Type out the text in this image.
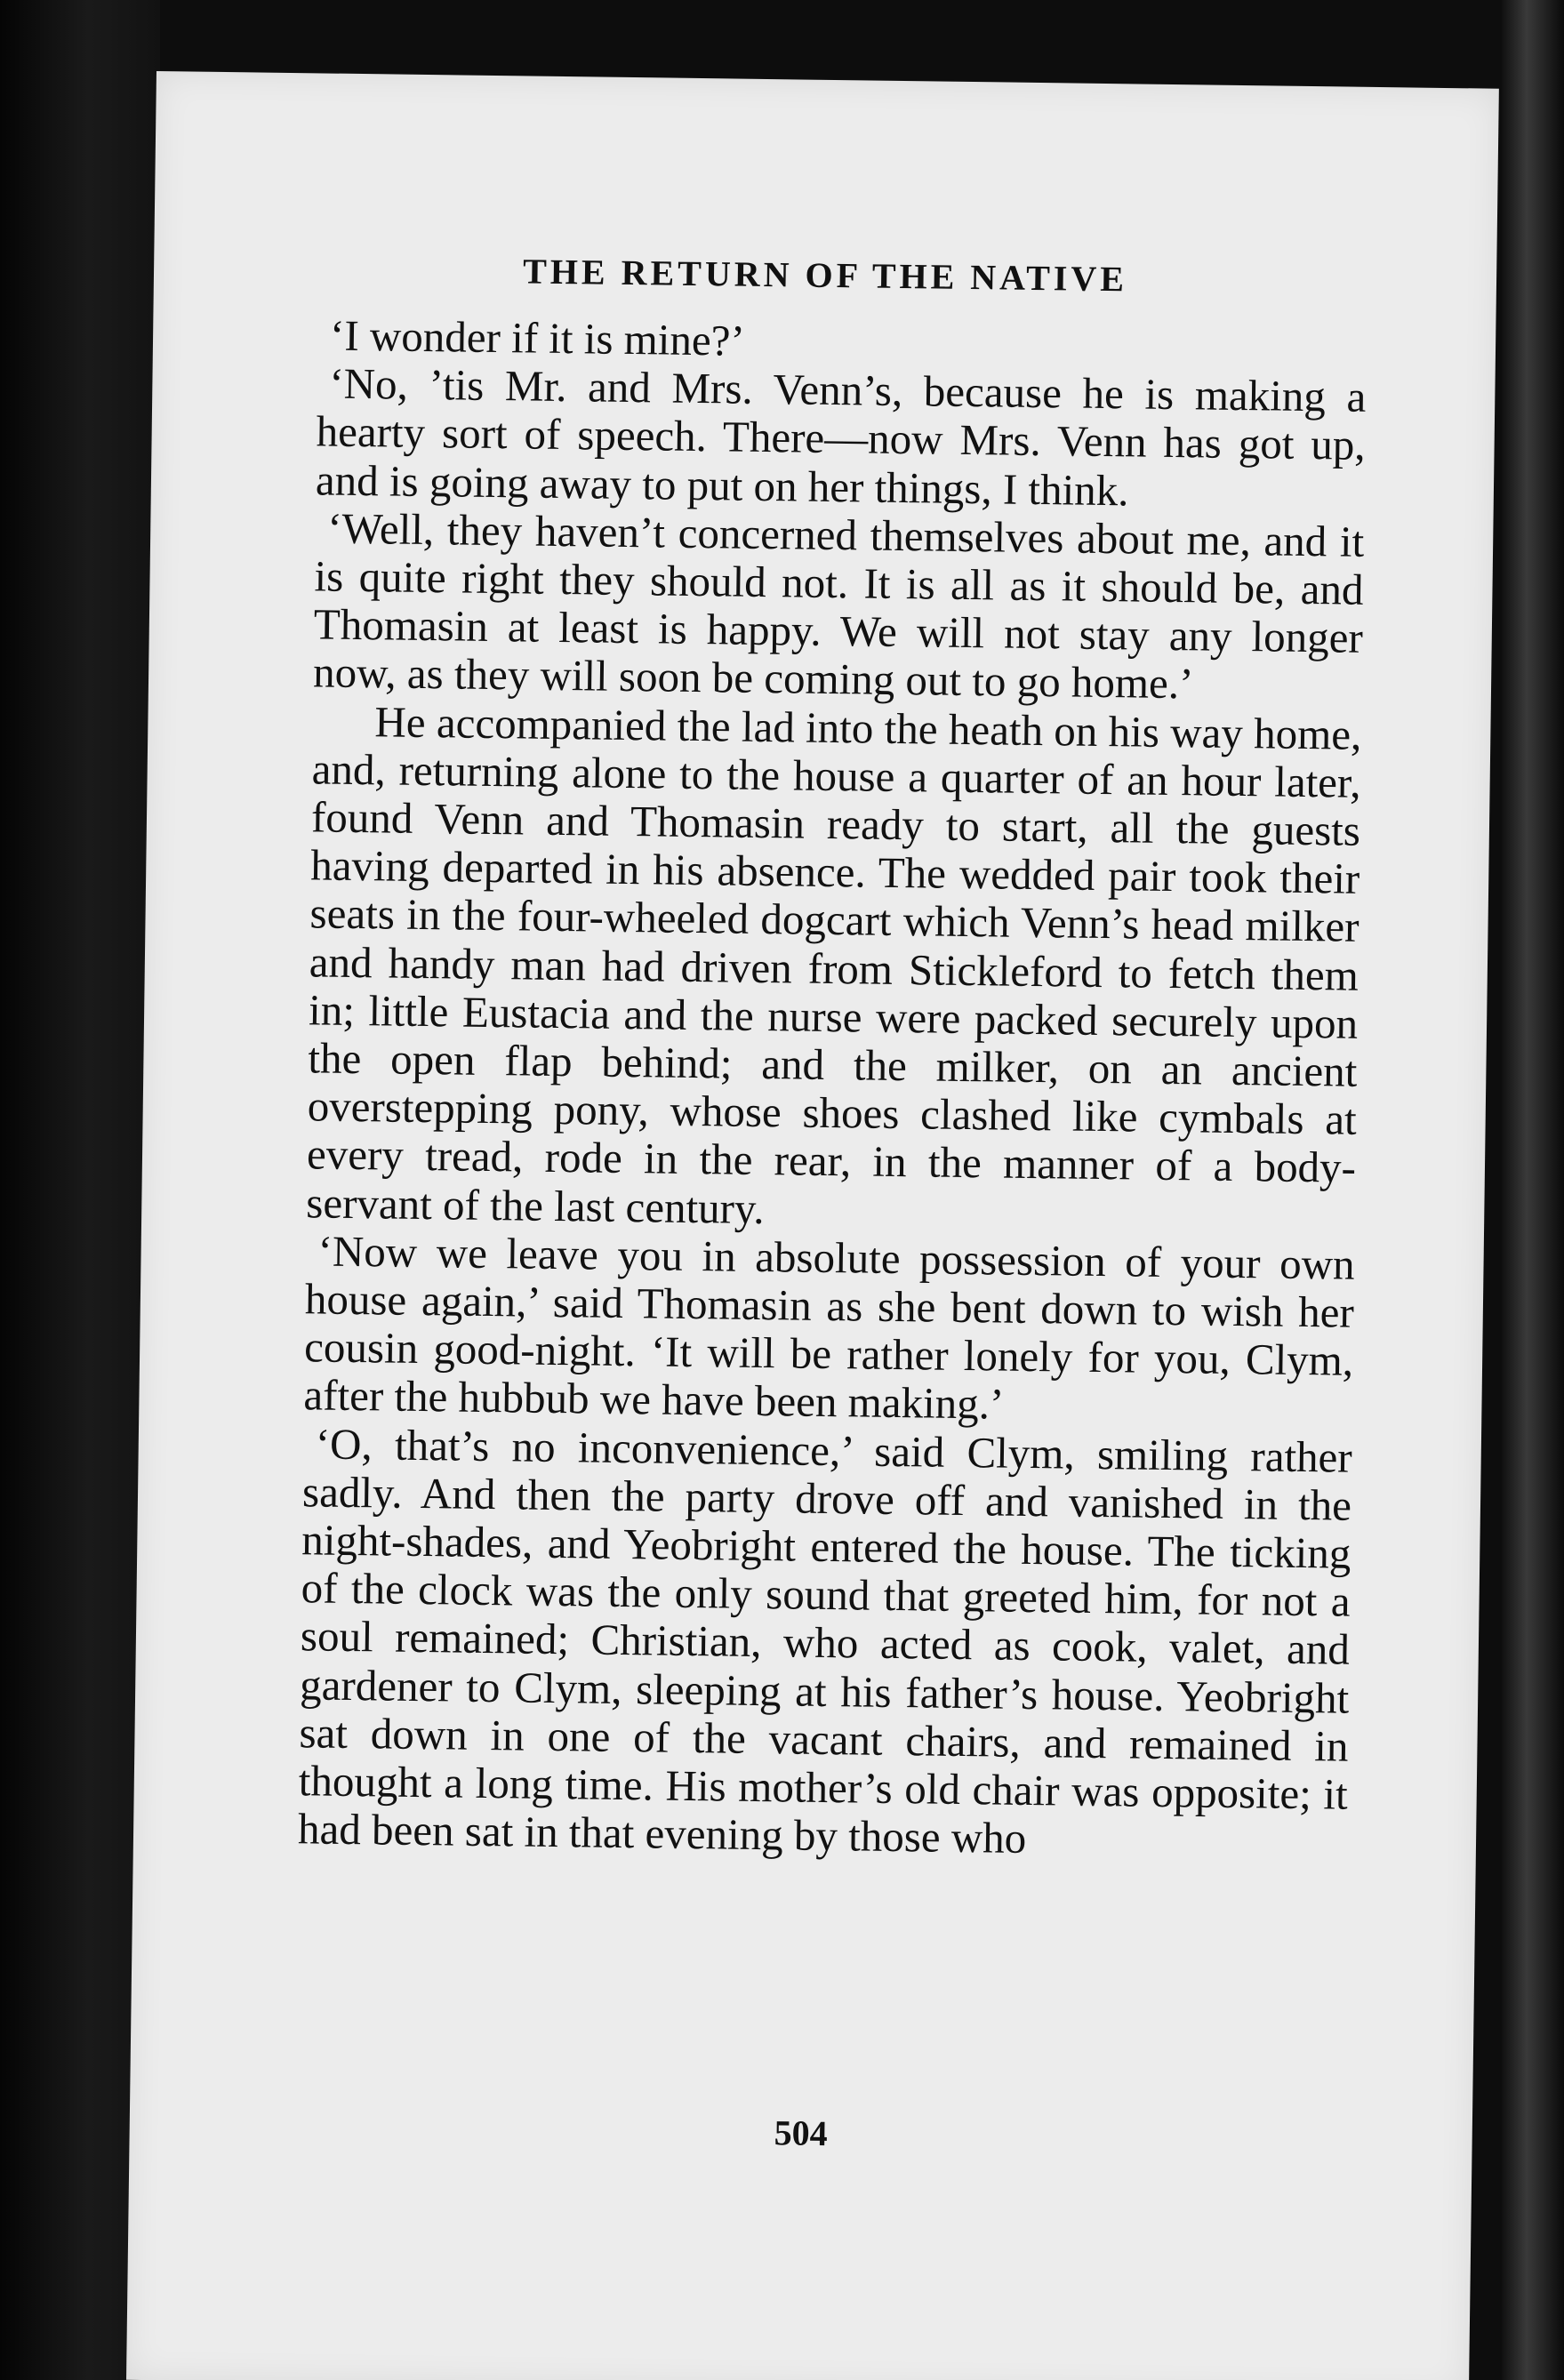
THE RETURN OF THE NATIVE

‘I wonder if it is mine?’

‘No, ’tis Mr. and Mrs. Venn’s, because he is making a hearty sort of speech. There—now Mrs. Venn has got up, and is going away to put on her things, I think.

‘Well, they haven’t concerned themselves about me, and it is quite right they should not. It is all as it should be, and Thomasin at least is happy. We will not stay any longer now, as they will soon be coming out to go home.’

He accompanied the lad into the heath on his way home, and, returning alone to the house a quarter of an hour later, found Venn and Thomasin ready to start, all the guests having departed in his absence. The wedded pair took their seats in the four-wheeled dogcart which Venn’s head milker and handy man had driven from Stickleford to fetch them in; little Eustacia and the nurse were packed securely upon the open flap behind; and the milker, on an ancient overstepping pony, whose shoes clashed like cymbals at every tread, rode in the rear, in the manner of a body-servant of the last century.

‘Now we leave you in absolute possession of your own house again,’ said Thomasin as she bent down to wish her cousin good-night. ‘It will be rather lonely for you, Clym, after the hubbub we have been making.’

‘O, that’s no inconvenience,’ said Clym, smiling rather sadly. And then the party drove off and vanished in the night-shades, and Yeobright entered the house. The ticking of the clock was the only sound that greeted him, for not a soul remained; Christian, who acted as cook, valet, and gardener to Clym, sleeping at his father’s house. Yeobright sat down in one of the vacant chairs, and remained in thought a long time. His mother’s old chair was opposite; it had been sat in that evening by those who

504
